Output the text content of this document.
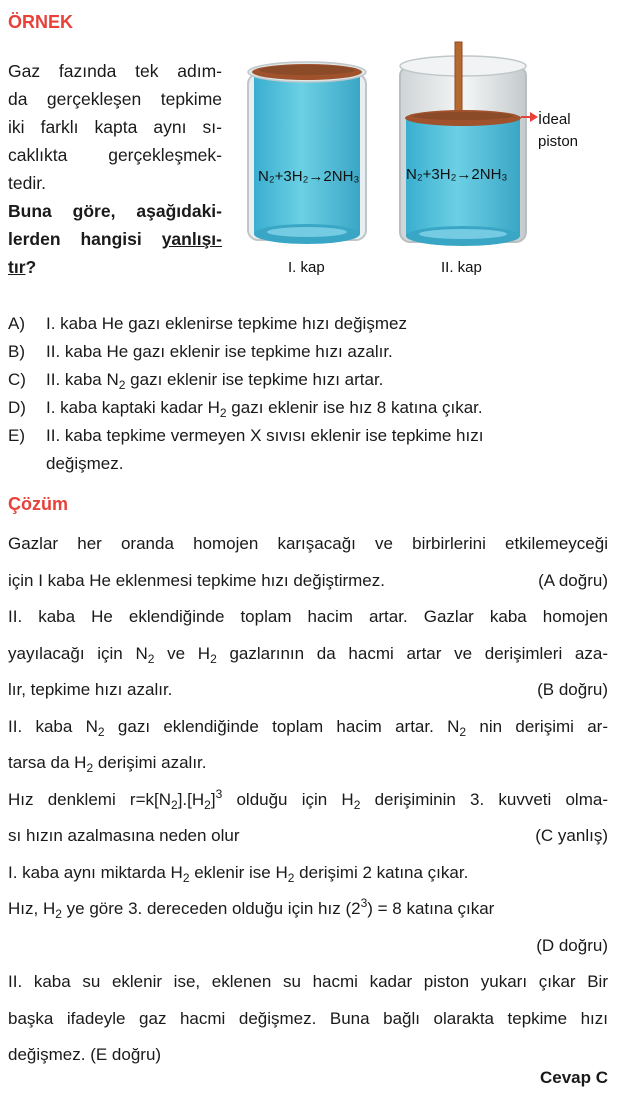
ÖRNEK
Gaz fazında tek adım-
da gerçekleşen tepkime
iki farklı kapta aynı sı-
caklıkta gerçekleşmek-
tedir.
Buna göre, aşağıdaki-
lerden hangisi yanlışı-
tır?
N₂+3H₂→2NH₃	N₂+3H₂→2NH₃
I. kap	II. kap
İdeal
piston
A)	I. kaba He gazı eklenirse tepkime hızı değişmez
B)	II. kaba He gazı eklenir ise tepkime hızı azalır.
C)	II. kaba $N_2$ gazı eklenir ise tepkime hızı artar.
D)	I. kaba kaptaki kadar $H_2$ gazı eklenir ise hız 8 katına çıkar.
E)	II. kaba tepkime vermeyen X sıvısı eklenir ise tepkime hızı
değişmez.
Çözüm
Gazlar her oranda homojen karışacağı ve birbirlerini etkilemeyceği
için I kaba He eklenmesi tepkime hızı değiştirmez.	(A doğru)
II. kaba He eklendiğinde toplam hacim artar. Gazlar kaba homojen
yayılacağı için $N_2$ ve $H_2$ gazlarının da hacmi artar ve derişimleri aza-
lır, tepkime hızı azalır.	(B doğru)
II. kaba $N_2$ gazı eklendiğinde toplam hacim artar. $N_2$ nin derişimi ar-
tarsa da $H_2$ derişimi azalır.
Hız denklemi $r=k[N_2].[H_2]^3$ olduğu için $H_2$ derişiminin 3. kuvveti olma-
sı hızın azalmasına neden olur	(C yanlış)
I. kaba aynı miktarda $H_2$ eklenir ise $H_2$ derişimi 2 katına çıkar.
Hız, $H_2$ ye göre 3. dereceden olduğu için hız $(2^3) = 8$ katına çıkar
(D doğru)
II. kaba su eklenir ise, eklenen su hacmi kadar piston yukarı çıkar Bir
başka ifadeyle gaz hacmi değişmez. Buna bağlı olarakta tepkime hızı
değişmez. (E doğru)
Cevap C
